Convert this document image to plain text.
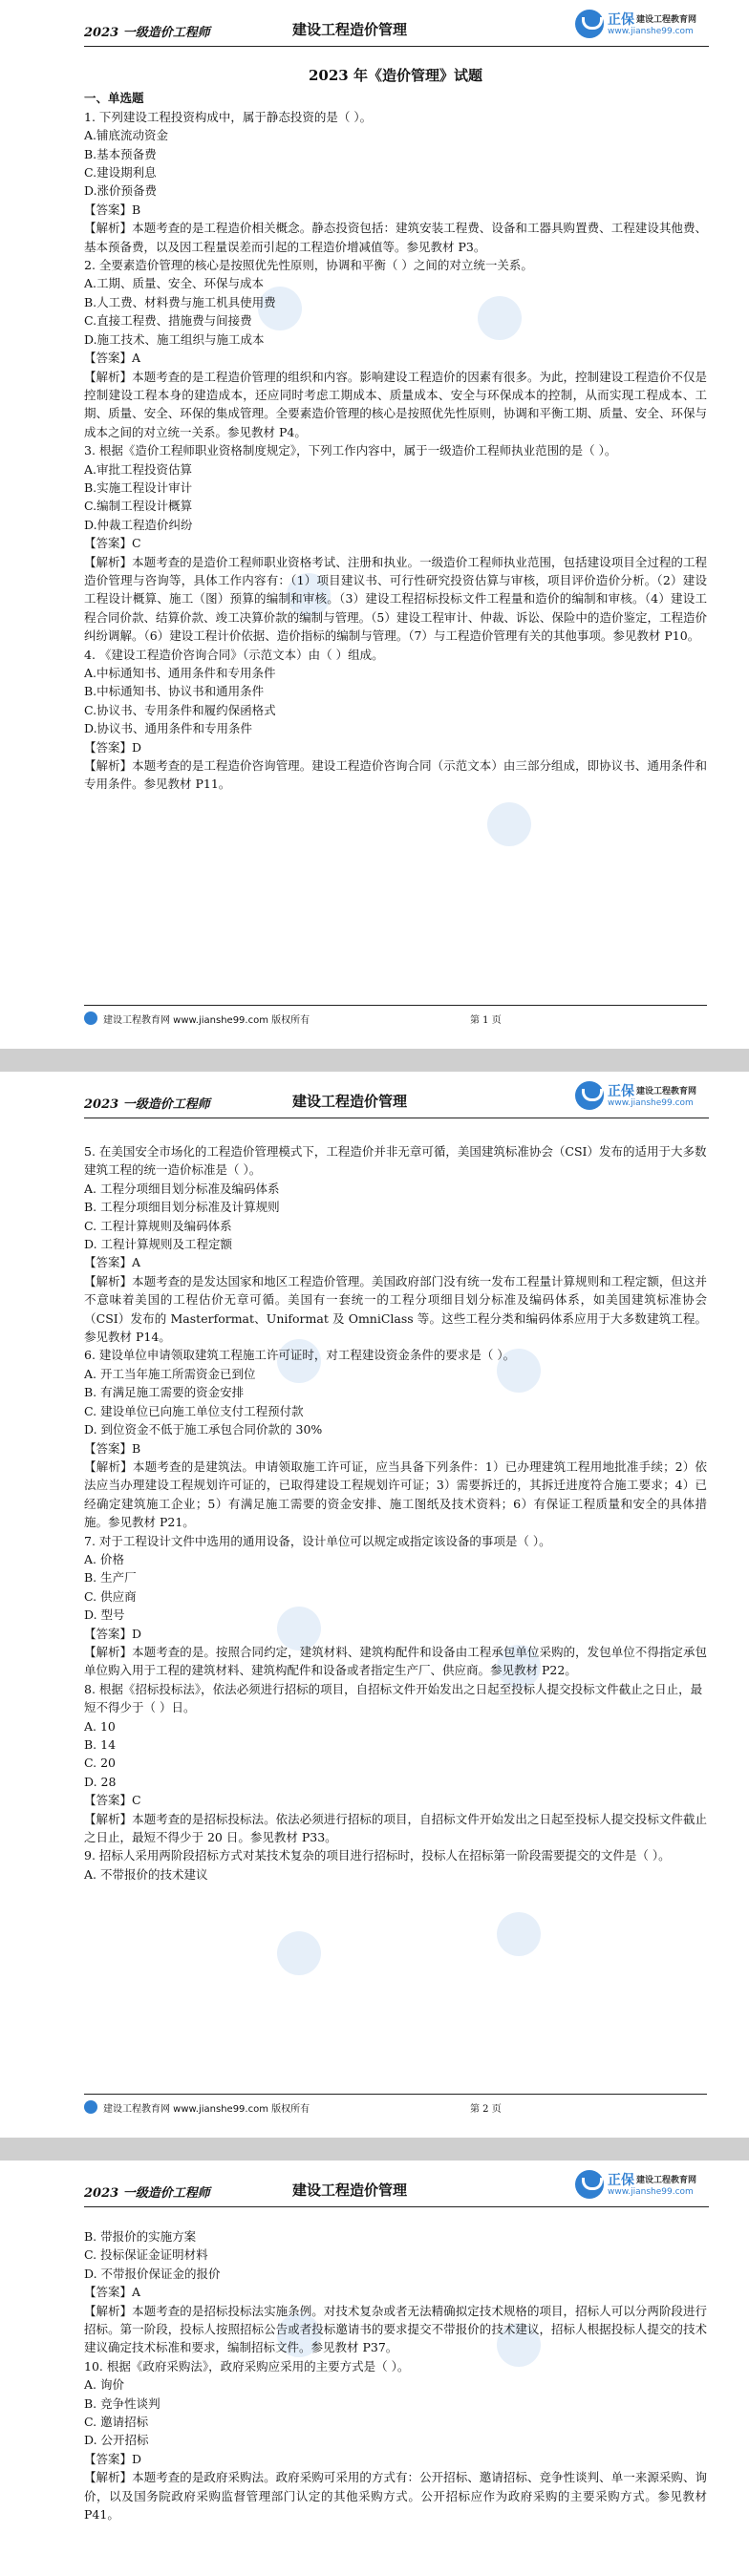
2023 一级造价工程师	建设工程造价管理
正保 建设工程教育网
www.jianshe99.com
2023 年《造价管理》试题
一、单选题
1. 下列建设工程投资构成中，属于静态投资的是（ ）。
A.铺底流动资金
B.基本预备费
C.建设期利息
D.涨价预备费
【答案】B
【解析】本题考查的是工程造价相关概念。静态投资包括：建筑安装工程费、设备和工器具购置费、工程建设其他费、基本预备费，以及因工程量误差而引起的工程造价增减值等。参见教材 P3。
2. 全要素造价管理的核心是按照优先性原则，协调和平衡（ ）之间的对立统一关系。
A.工期、质量、安全、环保与成本
B.人工费、材料费与施工机具使用费
C.直接工程费、措施费与间接费
D.施工技术、施工组织与施工成本
【答案】A
【解析】本题考查的是工程造价管理的组织和内容。影响建设工程造价的因素有很多。为此，控制建设工程造价不仅是控制建设工程本身的建造成本，还应同时考虑工期成本、质量成本、安全与环保成本的控制，从而实现工程成本、工期、质量、安全、环保的集成管理。全要素造价管理的核心是按照优先性原则，协调和平衡工期、质量、安全、环保与成本之间的对立统一关系。参见教材 P4。
3. 根据《造价工程师职业资格制度规定》，下列工作内容中，属于一级造价工程师执业范围的是（ ）。
A.审批工程投资估算
B.实施工程设计审计
C.编制工程设计概算
D.仲裁工程造价纠纷
【答案】C
【解析】本题考查的是造价工程师职业资格考试、注册和执业。一级造价工程师执业范围，包括建设项目全过程的工程造价管理与咨询等，具体工作内容有：（1）项目建议书、可行性研究投资估算与审核，项目评价造价分析。（2）建设工程设计概算、施工（图）预算的编制和审核。（3）建设工程招标投标文件工程量和造价的编制和审核。（4）建设工程合同价款、结算价款、竣工决算价款的编制与管理。（5）建设工程审计、仲裁、诉讼、保险中的造价鉴定，工程造价纠纷调解。（6）建设工程计价依据、造价指标的编制与管理。（7）与工程造价管理有关的其他事项。参见教材 P10。
4. 《建设工程造价咨询合同》（示范文本）由（ ）组成。
A.中标通知书、通用条件和专用条件
B.中标通知书、协议书和通用条件
C.协议书、专用条件和履约保函格式
D.协议书、通用条件和专用条件
【答案】D
【解析】本题考查的是工程造价咨询管理。建设工程造价咨询合同（示范文本）由三部分组成，即协议书、通用条件和专用条件。参见教材 P11。
建设工程教育网 www.jianshe99.com 版权所有	第 1 页
2023 一级造价工程师	建设工程造价管理
正保 建设工程教育网
www.jianshe99.com
5. 在美国安全市场化的工程造价管理模式下，工程造价并非无章可循，美国建筑标准协会（CSI）发布的适用于大多数建筑工程的统一造价标准是（ ）。
A. 工程分项细目划分标准及编码体系
B. 工程分项细目划分标准及计算规则
C. 工程计算规则及编码体系
D. 工程计算规则及工程定额
【答案】A
【解析】本题考查的是发达国家和地区工程造价管理。美国政府部门没有统一发布工程量计算规则和工程定额，但这并不意味着美国的工程估价无章可循。美国有一套统一的工程分项细目划分标准及编码体系，如美国建筑标准协会（CSI）发布的 Masterformat、Uniformat 及 OmniClass 等。这些工程分类和编码体系应用于大多数建筑工程。参见教材 P14。
6. 建设单位申请领取建筑工程施工许可证时，对工程建设资金条件的要求是（ ）。
A. 开工当年施工所需资金已到位
B. 有满足施工需要的资金安排
C. 建设单位已向施工单位支付工程预付款
D. 到位资金不低于施工承包合同价款的 30%
【答案】B
【解析】本题考查的是建筑法。申请领取施工许可证，应当具备下列条件：1）已办理建筑工程用地批准手续；2）依法应当办理建设工程规划许可证的，已取得建设工程规划许可证；3）需要拆迁的，其拆迁进度符合施工要求；4）已经确定建筑施工企业；5）有满足施工需要的资金安排、施工图纸及技术资料；6）有保证工程质量和安全的具体措施。参见教材 P21。
7. 对于工程设计文件中选用的通用设备，设计单位可以规定或指定该设备的事项是（ ）。
A. 价格
B. 生产厂
C. 供应商
D. 型号
【答案】D
【解析】本题考查的是。按照合同约定，建筑材料、建筑构配件和设备由工程承包单位采购的，发包单位不得指定承包单位购入用于工程的建筑材料、建筑构配件和设备或者指定生产厂、供应商。参见教材 P22。
8. 根据《招标投标法》，依法必须进行招标的项目，自招标文件开始发出之日起至投标人提交投标文件截止之日止，最短不得少于（ ）日。
A. 10
B. 14
C. 20
D. 28
【答案】C
【解析】本题考查的是招标投标法。依法必须进行招标的项目，自招标文件开始发出之日起至投标人提交投标文件截止之日止，最短不得少于 20 日。参见教材 P33。
9. 招标人采用两阶段招标方式对某技术复杂的项目进行招标时，投标人在招标第一阶段需要提交的文件是（ ）。
A. 不带报价的技术建议
建设工程教育网 www.jianshe99.com 版权所有	第 2 页
2023 一级造价工程师	建设工程造价管理
正保 建设工程教育网
www.jianshe99.com
B. 带报价的实施方案
C. 投标保证金证明材料
D. 不带报价保证金的报价
【答案】A
【解析】本题考查的是招标投标法实施条例。对技术复杂或者无法精确拟定技术规格的项目，招标人可以分两阶段进行招标。第一阶段，投标人按照招标公告或者投标邀请书的要求提交不带报价的技术建议，招标人根据投标人提交的技术建议确定技术标准和要求，编制招标文件。参见教材 P37。
10. 根据《政府采购法》，政府采购应采用的主要方式是（ ）。
A. 询价
B. 竞争性谈判
C. 邀请招标
D. 公开招标
【答案】D
【解析】本题考查的是政府采购法。政府采购可采用的方式有：公开招标、邀请招标、竞争性谈判、单一来源采购、询价，以及国务院政府采购监督管理部门认定的其他采购方式。公开招标应作为政府采购的主要采购方式。参见教材 P41。
